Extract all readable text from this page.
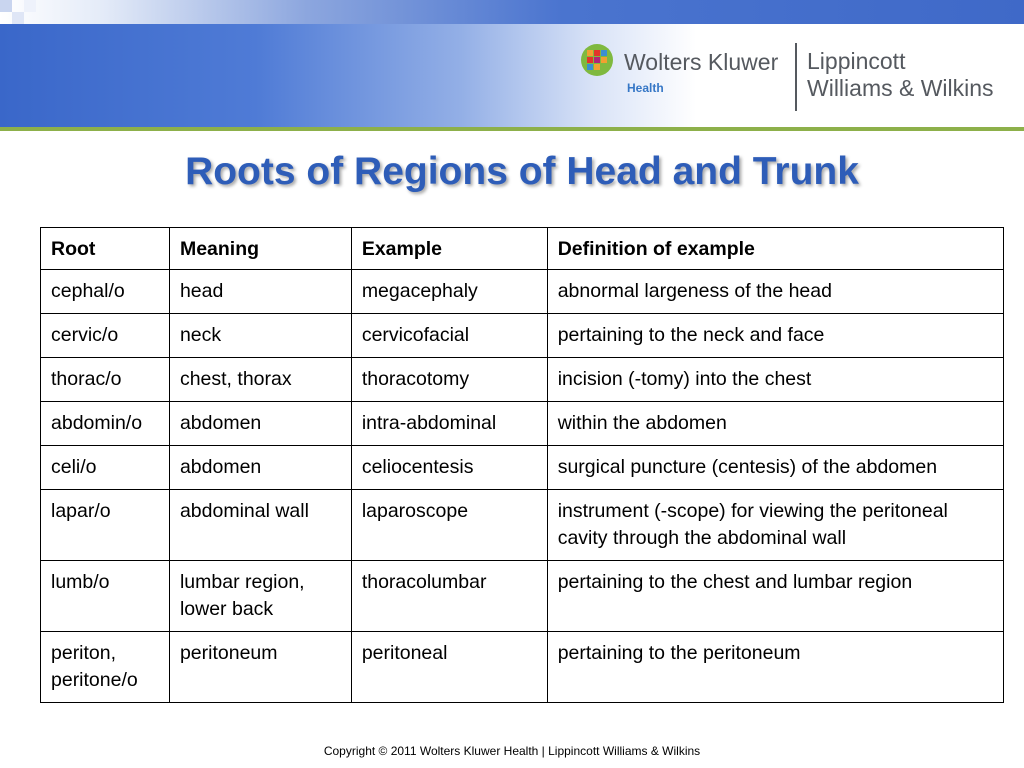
Wolters Kluwer
Health
Lippincott
Williams & Wilkins
Roots of Regions of Head and Trunk
Root	Meaning	Example	Definition of example
cephal/o	head	megacephaly	abnormal largeness of the head
cervic/o	neck	cervicofacial	pertaining to the neck and face
thorac/o	chest, thorax	thoracotomy	incision (-tomy) into the chest
abdomin/o	abdomen	intra-abdominal	within the abdomen
celi/o	abdomen	celiocentesis	surgical puncture (centesis) of the abdomen
lapar/o	abdominal wall	laparoscope	instrument (-scope) for viewing the peritoneal cavity through the abdominal wall
lumb/o	lumbar region, lower back	thoracolumbar	pertaining to the chest and lumbar region
periton, peritone/o	peritoneum	peritoneal	pertaining to the peritoneum
Copyright © 2011 Wolters Kluwer Health | Lippincott Williams & Wilkins
